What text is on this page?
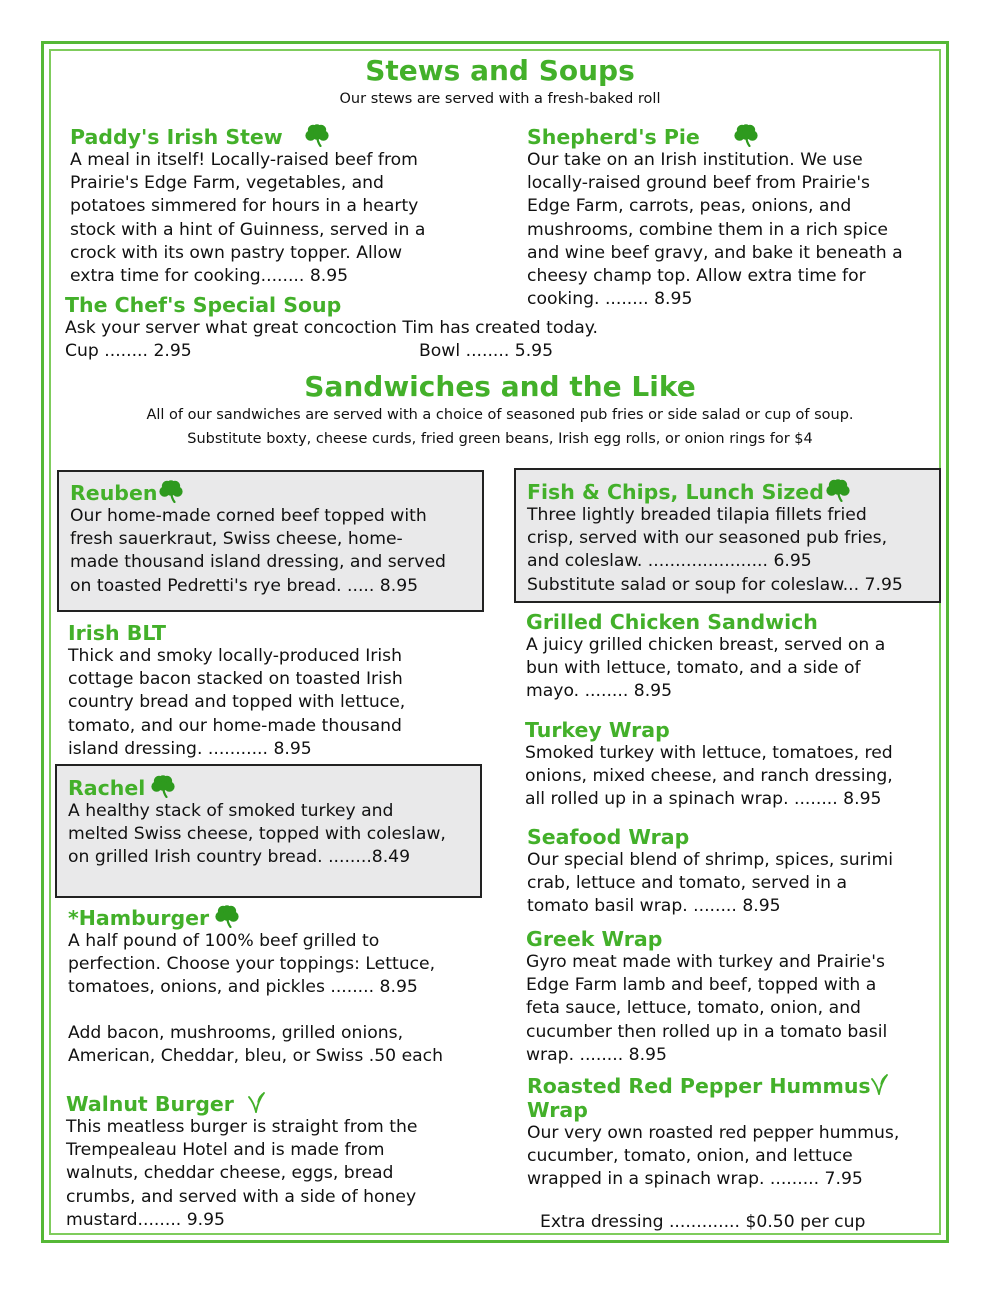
Stews and Soups
Our stews are served with a fresh-baked roll
Paddy's Irish Stew
A meal in itself! Locally-raised beef from
Prairie's Edge Farm, vegetables, and
potatoes simmered for hours in a hearty
stock with a hint of Guinness, served in a
crock with its own pastry topper. Allow
extra time for cooking........ 8.95
Shepherd's Pie
Our take on an Irish institution. We use
locally-raised ground beef from Prairie's
Edge Farm, carrots, peas, onions, and
mushrooms, combine them in a rich spice
and wine beef gravy, and bake it beneath a
cheesy champ top. Allow extra time for
cooking. ........ 8.95
The Chef's Special Soup
Ask your server what great concoction Tim has created today.
Cup ........ 2.95	Bowl ........ 5.95
Sandwiches and the Like
All of our sandwiches are served with a choice of seasoned pub fries or side salad or cup of soup.
Substitute boxty, cheese curds, fried green beans, Irish egg rolls, or onion rings for $4
Reuben
Our home-made corned beef topped with
fresh sauerkraut, Swiss cheese, home-
made thousand island dressing, and served
on toasted Pedretti's rye bread. ..... 8.95
Fish & Chips, Lunch Sized
Three lightly breaded tilapia fillets fried
crisp, served with our seasoned pub fries,
and coleslaw. ...................... 6.95
Substitute salad or soup for coleslaw... 7.95
Irish BLT
Thick and smoky locally-produced Irish
cottage bacon stacked on toasted Irish
country bread and topped with lettuce,
tomato, and our home-made thousand
island dressing. ........... 8.95
Grilled Chicken Sandwich
A juicy grilled chicken breast, served on a
bun with lettuce, tomato, and a side of
mayo. ........ 8.95
Turkey Wrap
Smoked turkey with lettuce, tomatoes, red
onions, mixed cheese, and ranch dressing,
all rolled up in a spinach wrap. ........ 8.95
Rachel
A healthy stack of smoked turkey and
melted Swiss cheese, topped with coleslaw,
on grilled Irish country bread. ........8.49
Seafood Wrap
Our special blend of shrimp, spices, surimi
crab, lettuce and tomato, served in a
tomato basil wrap. ........ 8.95
*Hamburger
A half pound of 100% beef grilled to
perfection. Choose your toppings: Lettuce,
tomatoes, onions, and pickles ........ 8.95
Add bacon, mushrooms, grilled onions,
American, Cheddar, bleu, or Swiss .50 each
Greek Wrap
Gyro meat made with turkey and Prairie's
Edge Farm lamb and beef, topped with a
feta sauce, lettuce, tomato, onion, and
cucumber then rolled up in a tomato basil
wrap. ........ 8.95
Walnut Burger
This meatless burger is straight from the
Trempealeau Hotel and is made from
walnuts, cheddar cheese, eggs, bread
crumbs, and served with a side of honey
mustard........ 9.95
Roasted Red Pepper Hummus
Wrap
Our very own roasted red pepper hummus,
cucumber, tomato, onion, and lettuce
wrapped in a spinach wrap. ......... 7.95
Extra dressing ............. $0.50 per cup
